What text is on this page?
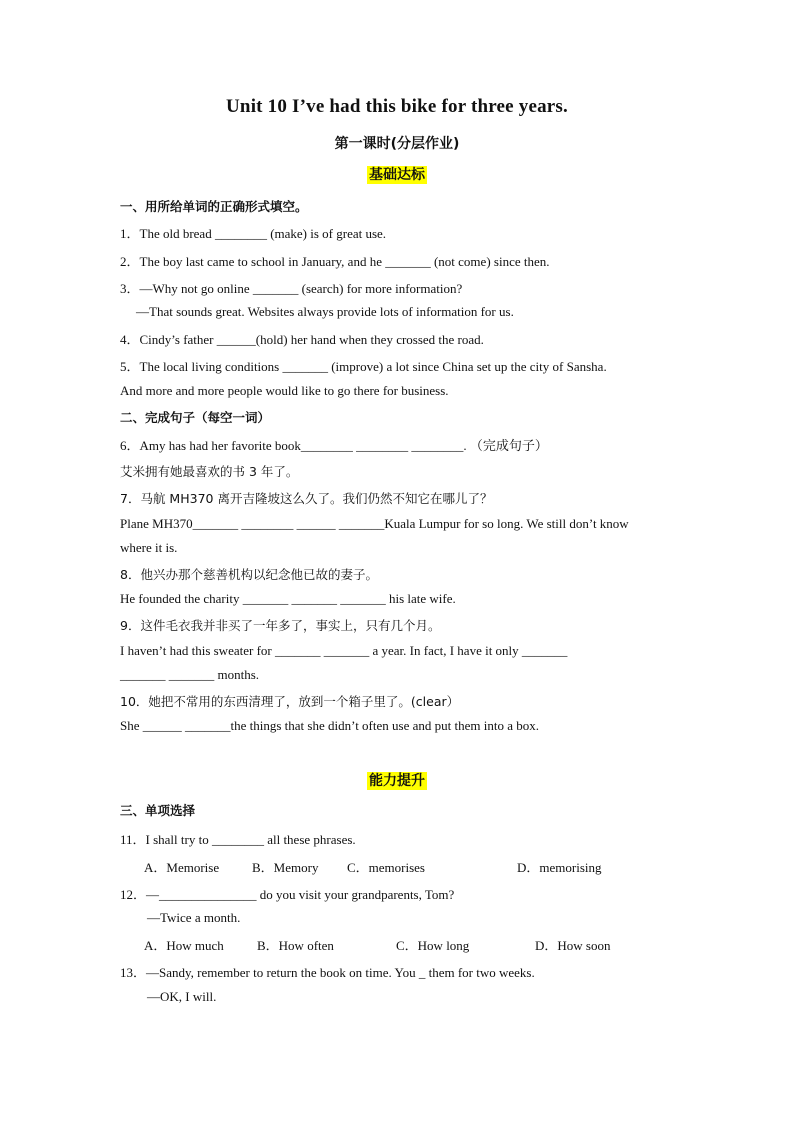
Unit 10 I’ve had this bike for three years.
第一课时(分层作业)
基础达标
一、用所给单词的正确形式填空。
1．The old bread ________ (make) is of great use.
2．The boy last came to school in January, and he _______ (not come) since then.
3．—Why not go online _______ (search) for more information?
—That sounds great. Websites always provide lots of information for us.
4．Cindy’s father ______(hold) her hand when they crossed the road.
5．The local living conditions _______ (improve) a lot since China set up the city of Sansha.
And more and more people would like to go there for business.
二、完成句子（每空一词）
6．Amy has had her favorite book________ ________ ________. （完成句子）
艾米拥有她最喜欢的书 3 年了。
7．马航 MH370 离开吉隆坡这么久了。我们仍然不知它在哪儿了？
Plane MH370_______ ________ ______ _______Kuala Lumpur for so long. We still don’t know
where it is.
8．他兴办那个慈善机构以纪念他已故的妻子。
He founded the charity _______ _______ _______ his late wife.
9．这件毛衣我并非买了一年多了，事实上，只有几个月。
I haven’t had this sweater for _______ _______ a year. In fact, I have it only _______
_______ _______ months.
10．她把不常用的东西清理了，放到一个箱子里了。(clear）
She ______ _______the things that she didn’t often use and put them into a box.
能力提升
三、单项选择
11．I shall try to ________ all these phrases.
A．Memorise	B．Memory C．memorises	D．memorising
12．—_______________ do you visit your grandparents, Tom?
—Twice a month.
A．How much	B．How often	C．How long	D．How soon
13．—Sandy, remember to return the book on time. You _ them for two weeks.
—OK, I will.
